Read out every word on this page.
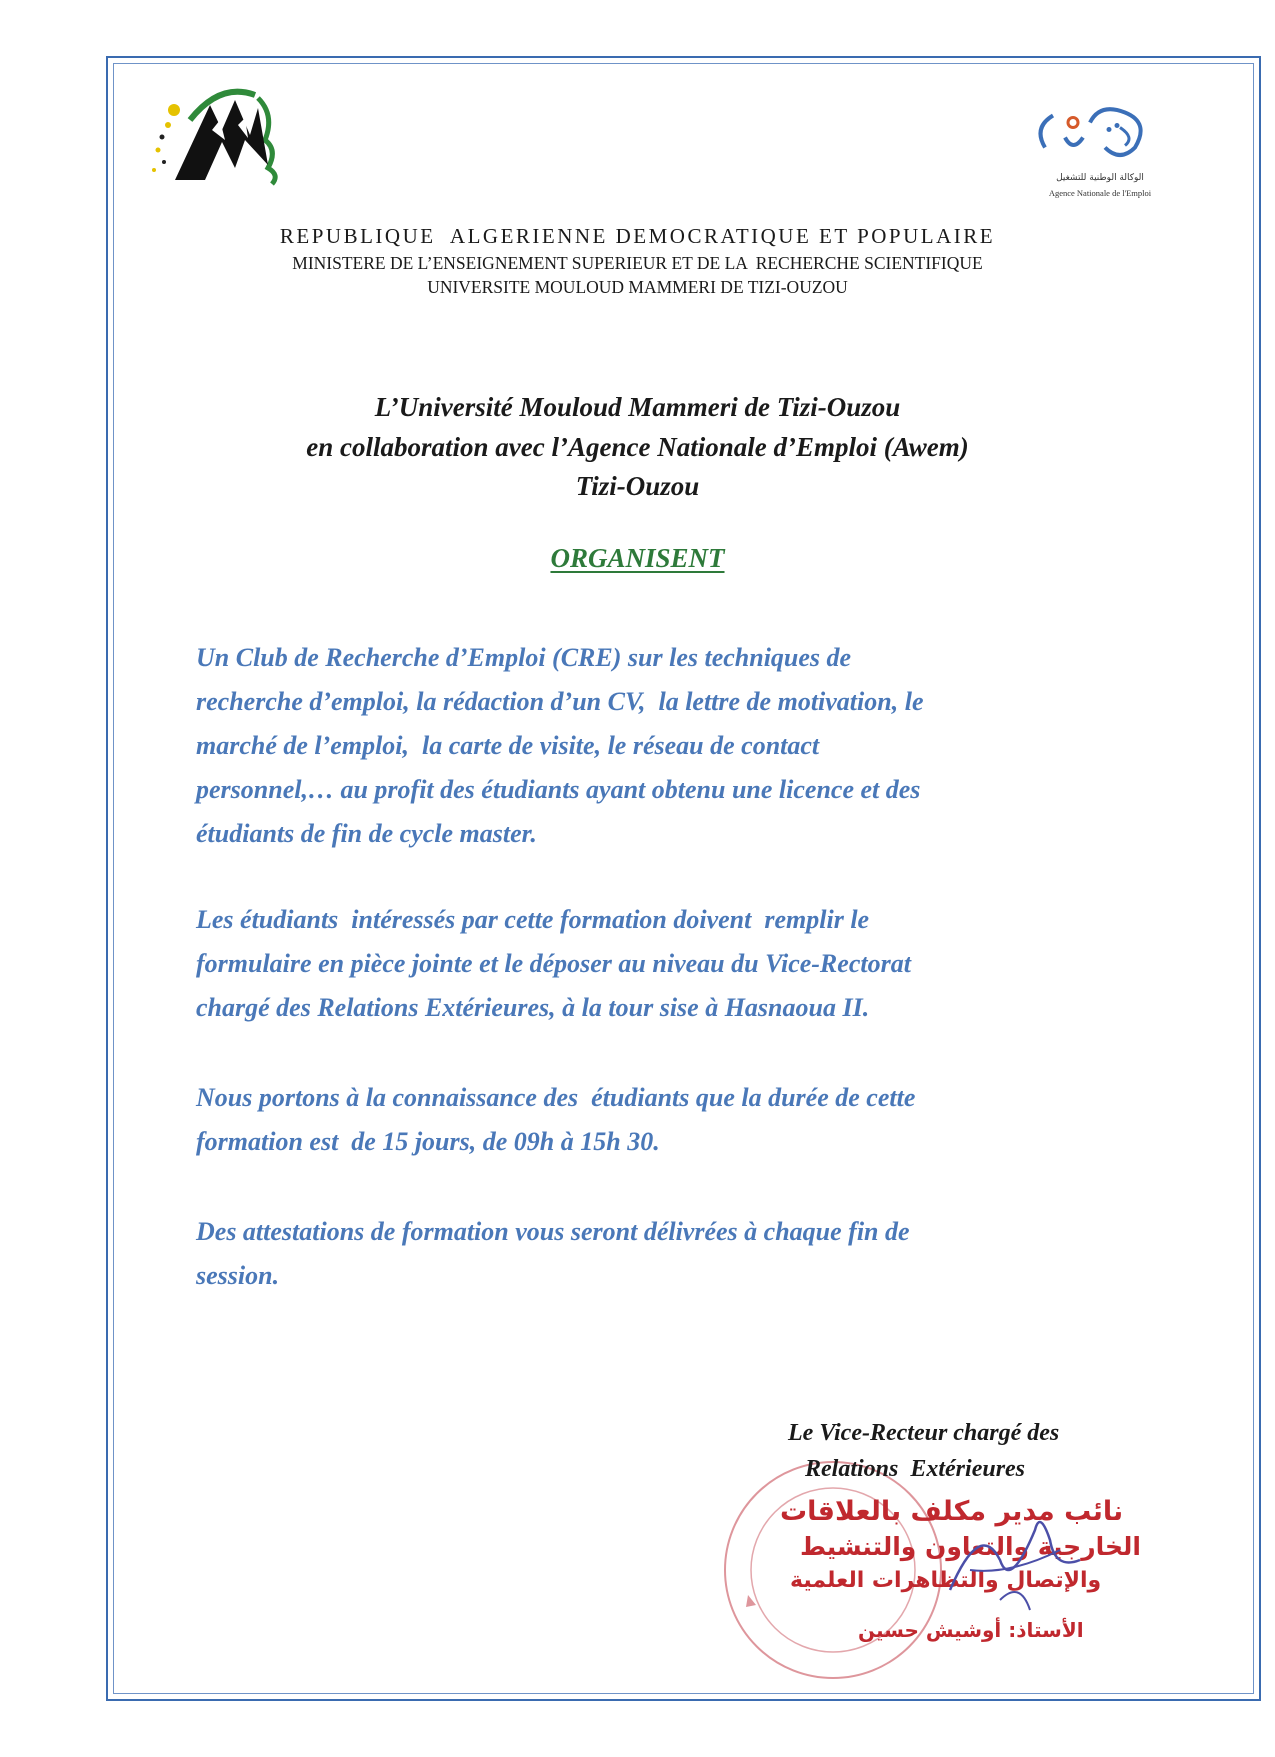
الوكالة الوطنية للتشغيل
Agence Nationale de l'Emploi
REPUBLIQUE  ALGERIENNE DEMOCRATIQUE ET POPULAIRE
MINISTERE DE L’ENSEIGNEMENT SUPERIEUR ET DE LA  RECHERCHE SCIENTIFIQUE
UNIVERSITE MOULOUD MAMMERI DE TIZI-OUZOU
L’Université Mouloud Mammeri de Tizi-Ouzou
en collaboration avec l’Agence Nationale d’Emploi (Awem)
Tizi-Ouzou
ORGANISENT
Un Club de Recherche d’Emploi (CRE) sur les techniques de
recherche d’emploi, la rédaction d’un CV,  la lettre de motivation, le
marché de l’emploi,  la carte de visite, le réseau de contact
personnel,… au profit des étudiants ayant obtenu une licence et des
étudiants de fin de cycle master.
Les étudiants  intéressés par cette formation doivent  remplir le
formulaire en pièce jointe et le déposer au niveau du Vice-Rectorat
chargé des Relations Extérieures, à la tour sise à Hasnaoua II.
Nous portons à la connaissance des  étudiants que la durée de cette
formation est  de 15 jours, de 09h à 15h 30.
Des attestations de formation vous seront délivrées à chaque fin de
session.
Le Vice-Recteur chargé des
Relations  Extérieures
نائب مدير مكلف بالعلاقات
الخارجية والتعاون والتنشيط
والإتصال والتظاهرات العلمية
الأستاذ: أوشيش حسين
